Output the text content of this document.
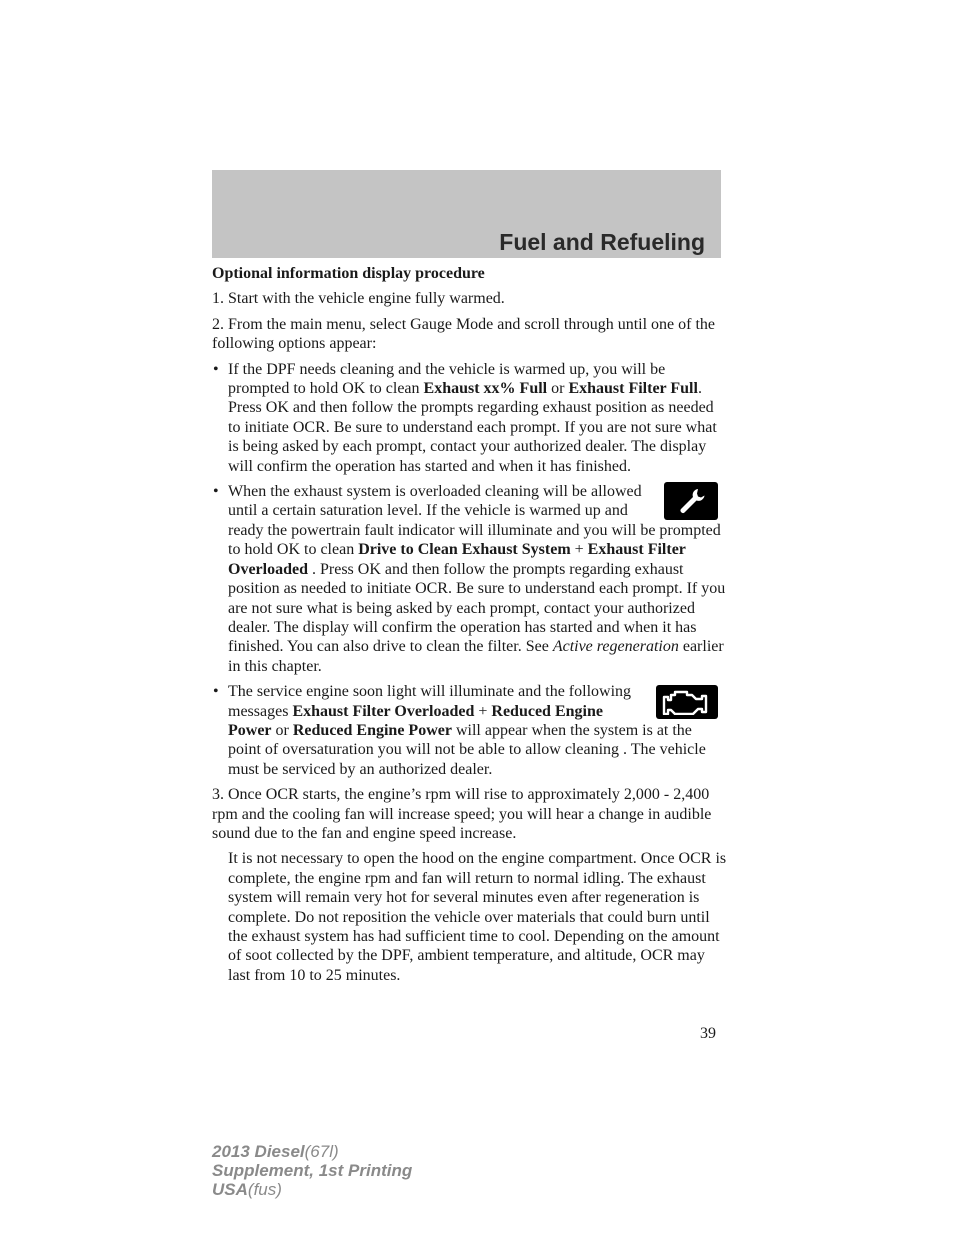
Fuel and Refueling

Optional information display procedure

1. Start with the vehicle engine fully warmed.

2. From the main menu, select Gauge Mode and scroll through until one of the following options appear:

• If the DPF needs cleaning and the vehicle is warmed up, you will be prompted to hold OK to clean Exhaust xx% Full or Exhaust Filter Full. Press OK and then follow the prompts regarding exhaust position as needed to initiate OCR. Be sure to understand each prompt. If you are not sure what is being asked by each prompt, contact your authorized dealer. The display will confirm the operation has started and when it has finished.
• When the exhaust system is overloaded cleaning will be allowed until a certain saturation level. If the vehicle is warmed up and ready the powertrain fault indicator will illuminate and you will be prompted to hold OK to clean Drive to Clean Exhaust System + Exhaust Filter Overloaded . Press OK and then follow the prompts regarding exhaust position as needed to initiate OCR. Be sure to understand each prompt. If you are not sure what is being asked by each prompt, contact your authorized dealer. The display will confirm the operation has started and when it has finished. You can also drive to clean the filter. See Active regeneration earlier in this chapter.
• The service engine soon light will illuminate and the following messages Exhaust Filter Overloaded + Reduced Engine Power or Reduced Engine Power will appear when the system is at the point of oversaturation you will not be able to allow cleaning . The vehicle must be serviced by an authorized dealer.

3. Once OCR starts, the engine’s rpm will rise to approximately 2,000 - 2,400 rpm and the cooling fan will increase speed; you will hear a change in audible sound due to the fan and engine speed increase.

It is not necessary to open the hood on the engine compartment. Once OCR is complete, the engine rpm and fan will return to normal idling. The exhaust system will remain very hot for several minutes even after regeneration is complete. Do not reposition the vehicle over materials that could burn until the exhaust system has had sufficient time to cool. Depending on the amount of soot collected by the DPF, ambient temperature, and altitude, OCR may last from 10 to 25 minutes.

39
2013 Diesel(67l)
Supplement, 1st Printing
USA(fus)
